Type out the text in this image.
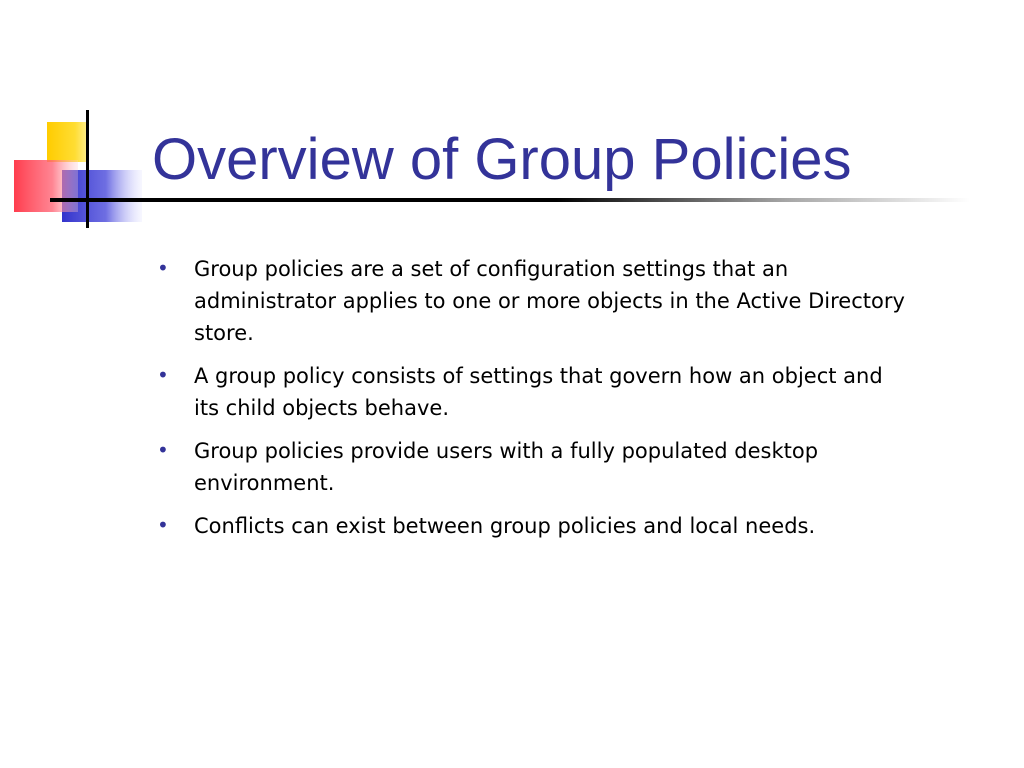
Overview of Group Policies
• Group policies are a set of configuration settings that an administrator applies to one or more objects in the Active Directory store.
• A group policy consists of settings that govern how an object and its child objects behave.
• Group policies provide users with a fully populated desktop environment.
• Conflicts can exist between group policies and local needs.
